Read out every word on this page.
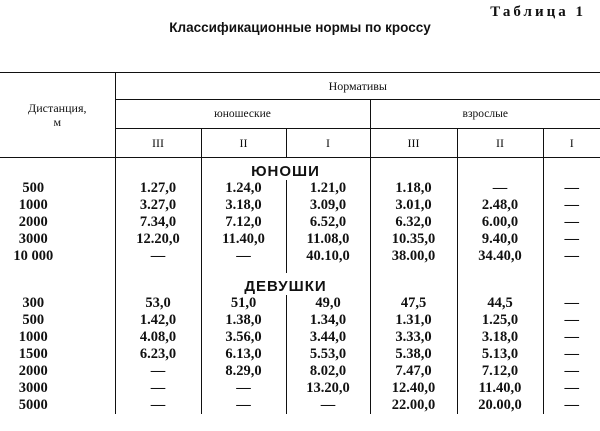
Таблица 1
Классификационные нормы по кроссу
Дистанция,
м	Нормативы					
	юношеские			взрослые		
	III	II	I	III	II	I
		ЮНОШИ				
500	1.27,0	1.24,0	1.21,0	1.18,0	—	—
1000	3.27,0	3.18,0	3.09,0	3.01,0	2.48,0	—
2000	7.34,0	7.12,0	6.52,0	6.32,0	6.00,0	—
3000	12.20,0	11.40,0	11.08,0	10.35,0	9.40,0	—
10 000	—	—	40.10,0	38.00,0	34.40,0	—

		ДЕВУШКИ				
300	53,0	51,0	49,0	47,5	44,5	—
500	1.42,0	1.38,0	1.34,0	1.31,0	1.25,0	—
1000	4.08,0	3.56,0	3.44,0	3.33,0	3.18,0	—
1500	6.23,0	6.13,0	5.53,0	5.38,0	5.13,0	—
2000	—	8.29,0	8.02,0	7.47,0	7.12,0	—
3000	—	—	13.20,0	12.40,0	11.40,0	—
5000	—	—	—	22.00,0	20.00,0	—
